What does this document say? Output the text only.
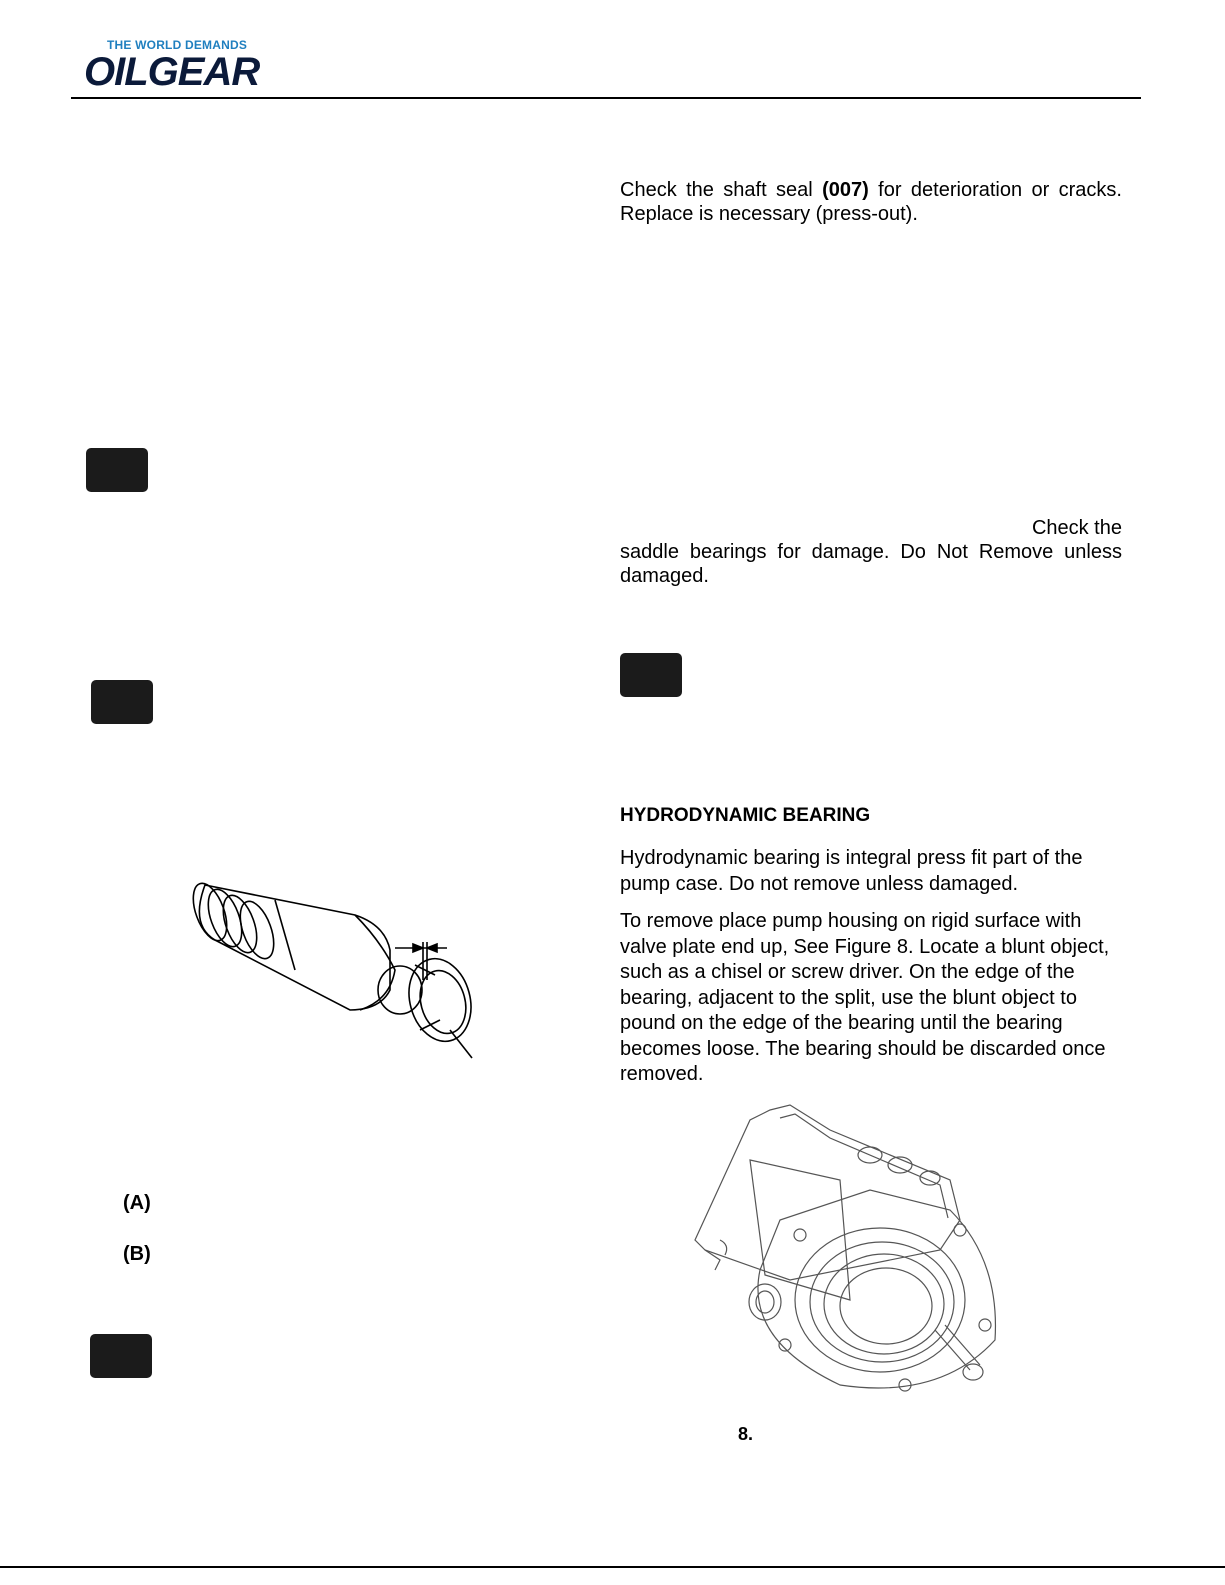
THE WORLD DEMANDS
OILGEAR
Check the shaft seal (007) for deterioration or cracks. Replace is necessary (press-out).
Check the
saddle bearings for damage. Do Not Remove unless damaged.
HYDRODYNAMIC BEARING
Hydrodynamic bearing is integral press fit part of the pump case. Do not remove unless damaged.
To remove place pump housing on rigid surface with valve plate end up, See Figure 8. Locate a blunt object, such as a chisel or screw driver. On the edge of the bearing, adjacent to the split, use the blunt object to pound on the edge of the bearing until the bearing becomes loose. The bearing should be discarded once removed.
8.
(A)
(B)
